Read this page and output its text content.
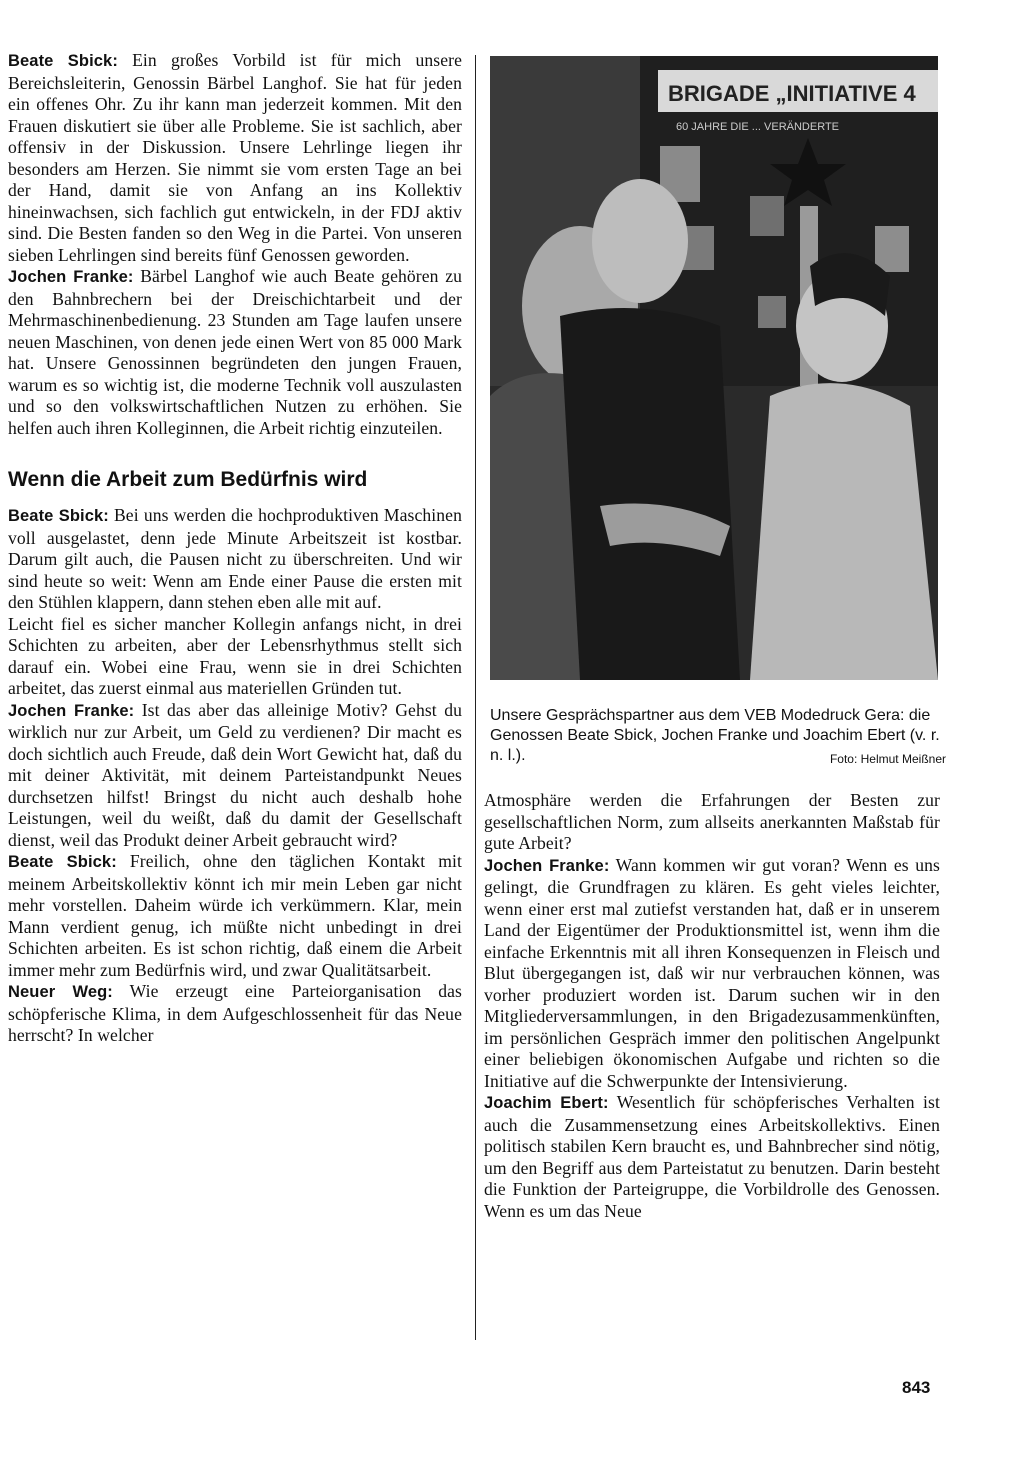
Beate Sbick: Ein großes Vorbild ist für mich unsere Bereichsleiterin, Genossin Bärbel Langhof. Sie hat für jeden ein offenes Ohr. Zu ihr kann man jederzeit kommen. Mit den Frauen diskutiert sie über alle Probleme. Sie ist sachlich, aber offensiv in der Diskussion. Unsere Lehrlinge liegen ihr besonders am Herzen. Sie nimmt sie vom ersten Tage an bei der Hand, damit sie von Anfang an ins Kollektiv hineinwachsen, sich fachlich gut entwickeln, in der FDJ aktiv sind. Die Besten fanden so den Weg in die Partei. Von unseren sieben Lehrlingen sind bereits fünf Genossen geworden.

Jochen Franke: Bärbel Langhof wie auch Beate gehören zu den Bahnbrechern bei der Dreischichtarbeit und der Mehrmaschinenbedienung. 23 Stunden am Tage laufen unsere neuen Maschinen, von denen jede einen Wert von 85 000 Mark hat. Unsere Genossinnen begründeten den jungen Frauen, warum es so wichtig ist, die moderne Technik voll auszulasten und so den volkswirtschaftlichen Nutzen zu erhöhen. Sie helfen auch ihren Kolleginnen, die Arbeit richtig einzuteilen.

Wenn die Arbeit zum Bedürfnis wird

Beate Sbick: Bei uns werden die hochproduktiven Maschinen voll ausgelastet, denn jede Minute Arbeitszeit ist kostbar. Darum gilt auch, die Pausen nicht zu überschreiten. Und wir sind heute so weit: Wenn am Ende einer Pause die ersten mit den Stühlen klappern, dann stehen eben alle mit auf.

Leicht fiel es sicher mancher Kollegin anfangs nicht, in drei Schichten zu arbeiten, aber der Lebensrhythmus stellt sich darauf ein. Wobei eine Frau, wenn sie in drei Schichten arbeitet, das zuerst einmal aus materiellen Gründen tut.

Jochen Franke: Ist das aber das alleinige Motiv? Gehst du wirklich nur zur Arbeit, um Geld zu verdienen? Dir macht es doch sichtlich auch Freude, daß dein Wort Gewicht hat, daß du mit deiner Aktivität, mit deinem Parteistandpunkt Neues durchsetzen hilfst! Bringst du nicht auch deshalb hohe Leistungen, weil du weißt, daß du damit der Gesellschaft dienst, weil das Produkt deiner Arbeit gebraucht wird?

Beate Sbick: Freilich, ohne den täglichen Kontakt mit meinem Arbeitskollektiv könnt ich mir mein Leben gar nicht mehr vorstellen. Daheim würde ich verkümmern. Klar, mein Mann verdient genug, ich müßte nicht unbedingt in drei Schichten arbeiten. Es ist schon richtig, daß einem die Arbeit immer mehr zum Bedürfnis wird, und zwar Qualitätsarbeit.

Neuer Weg: Wie erzeugt eine Parteiorganisation das schöpferische Klima, in dem Aufgeschlossenheit für das Neue herrscht? In welcher

BRIGADE „INITIATIVE 4
60 JAHRE DIE ... VERÄNDERTE

Unsere Gesprächspartner aus dem VEB Modedruck Gera: die Genossen Beate Sbick, Jochen Franke und Joachim Ebert (v. r. n. l.).	Foto: Helmut Meißner

Atmosphäre werden die Erfahrungen der Besten zur gesellschaftlichen Norm, zum allseits anerkannten Maßstab für gute Arbeit?

Jochen Franke: Wann kommen wir gut voran? Wenn es uns gelingt, die Grundfragen zu klären. Es geht vieles leichter, wenn einer erst mal zutiefst verstanden hat, daß er in unserem Land der Eigentümer der Produktionsmittel ist, wenn ihm die einfache Erkenntnis mit all ihren Konsequenzen in Fleisch und Blut übergegangen ist, daß wir nur verbrauchen können, was vorher produziert worden ist. Darum suchen wir in den Mitgliederversammlungen, in den Brigadezusammenkünften, im persönlichen Gespräch immer den politischen Angelpunkt einer beliebigen ökonomischen Aufgabe und richten so die Initiative auf die Schwerpunkte der Intensivierung.

Joachim Ebert: Wesentlich für schöpferisches Verhalten ist auch die Zusammensetzung eines Arbeitskollektivs. Einen politisch stabilen Kern braucht es, und Bahnbrecher sind nötig, um den Begriff aus dem Parteistatut zu benutzen. Darin besteht die Funktion der Parteigruppe, die Vorbildrolle des Genossen. Wenn es um das Neue

843
